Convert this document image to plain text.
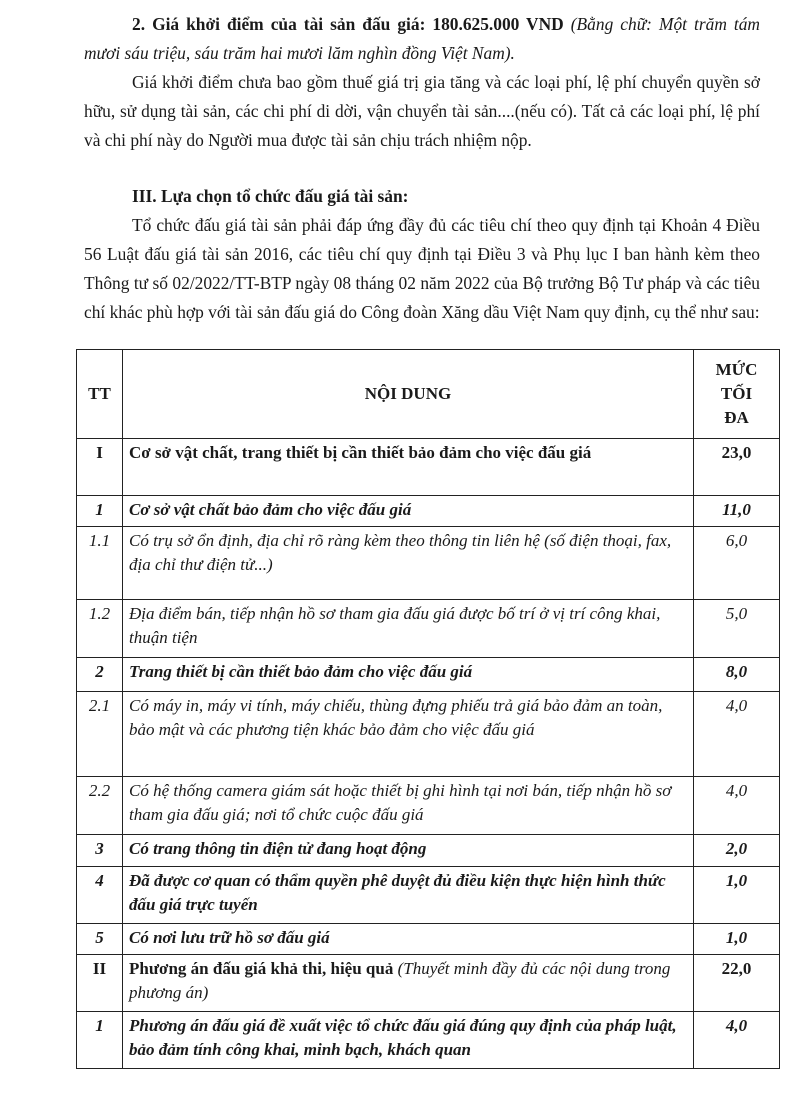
2. Giá khởi điểm của tài sản đấu giá: 180.625.000 VND (Bằng chữ: Một trăm tám mươi sáu triệu, sáu trăm hai mươi lăm nghìn đồng Việt Nam).

Giá khởi điểm chưa bao gồm thuế giá trị gia tăng và các loại phí, lệ phí chuyển quyền sở hữu, sử dụng tài sản, các chi phí di dời, vận chuyển tài sản....(nếu có). Tất cả các loại phí, lệ phí và chi phí này do Người mua được tài sản chịu trách nhiệm nộp.

III. Lựa chọn tổ chức đấu giá tài sản:

Tổ chức đấu giá tài sản phải đáp ứng đầy đủ các tiêu chí theo quy định tại Khoản 4 Điều 56 Luật đấu giá tài sản 2016, các tiêu chí quy định tại Điều 3 và Phụ lục I ban hành kèm theo Thông tư số 02/2022/TT-BTP ngày 08 tháng 02 năm 2022 của Bộ trưởng Bộ Tư pháp và các tiêu chí khác phù hợp với tài sản đấu giá do Công đoàn Xăng dầu Việt Nam quy định, cụ thể như sau:

TT	NỘI DUNG	MỨC TỐI ĐA
I	Cơ sở vật chất, trang thiết bị cần thiết bảo đảm cho việc đấu giá	23,0
1	Cơ sở vật chất bảo đảm cho việc đấu giá	11,0
1.1	Có trụ sở ổn định, địa chỉ rõ ràng kèm theo thông tin liên hệ (số điện thoại, fax, địa chỉ thư điện tử...)	6,0
1.2	Địa điểm bán, tiếp nhận hồ sơ tham gia đấu giá được bố trí ở vị trí công khai, thuận tiện	5,0
2	Trang thiết bị cần thiết bảo đảm cho việc đấu giá	8,0
2.1	Có máy in, máy vi tính, máy chiếu, thùng đựng phiếu trả giá bảo đảm an toàn, bảo mật và các phương tiện khác bảo đảm cho việc đấu giá	4,0
2.2	Có hệ thống camera giám sát hoặc thiết bị ghi hình tại nơi bán, tiếp nhận hồ sơ tham gia đấu giá; nơi tổ chức cuộc đấu giá	4,0
3	Có trang thông tin điện tử đang hoạt động	2,0
4	Đã được cơ quan có thẩm quyền phê duyệt đủ điều kiện thực hiện hình thức đấu giá trực tuyến	1,0
5	Có nơi lưu trữ hồ sơ đấu giá	1,0
II	Phương án đấu giá khả thi, hiệu quả (Thuyết minh đầy đủ các nội dung trong phương án)	22,0
1	Phương án đấu giá đề xuất việc tổ chức đấu giá đúng quy định của pháp luật, bảo đảm tính công khai, minh bạch, khách quan	4,0
